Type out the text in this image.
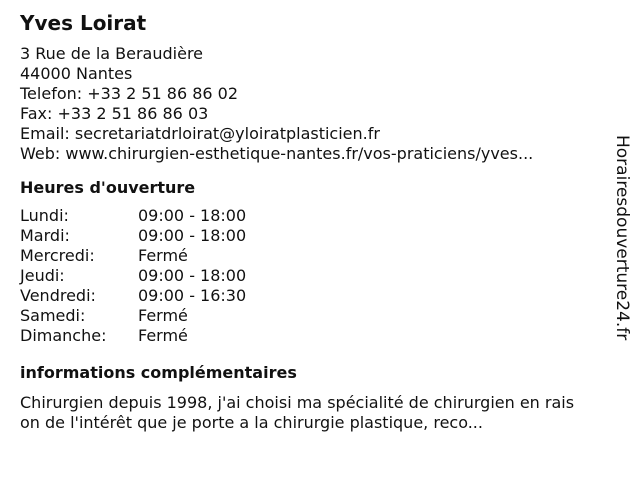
Yves Loirat
3 Rue de la Beraudière
44000 Nantes
Telefon: +33 2 51 86 86 02
Fax: +33 2 51 86 86 03
Email: secretariatdrloirat@yloiratplasticien.fr
Web: www.chirurgien-esthetique-nantes.fr/vos-praticiens/yves...
Heures d'ouverture
Lundi:	09:00 - 18:00
Mardi:	09:00 - 18:00
Mercredi:	Fermé
Jeudi:	09:00 - 18:00
Vendredi:	09:00 - 16:30
Samedi:	Fermé
Dimanche:	Fermé
informations complémentaires
Chirurgien depuis 1998, j'ai choisi ma spécialité de chirurgien en raison de l'intérêt que je porte a la chirurgie plastique, reco...
Horairesdouverture24.fr
